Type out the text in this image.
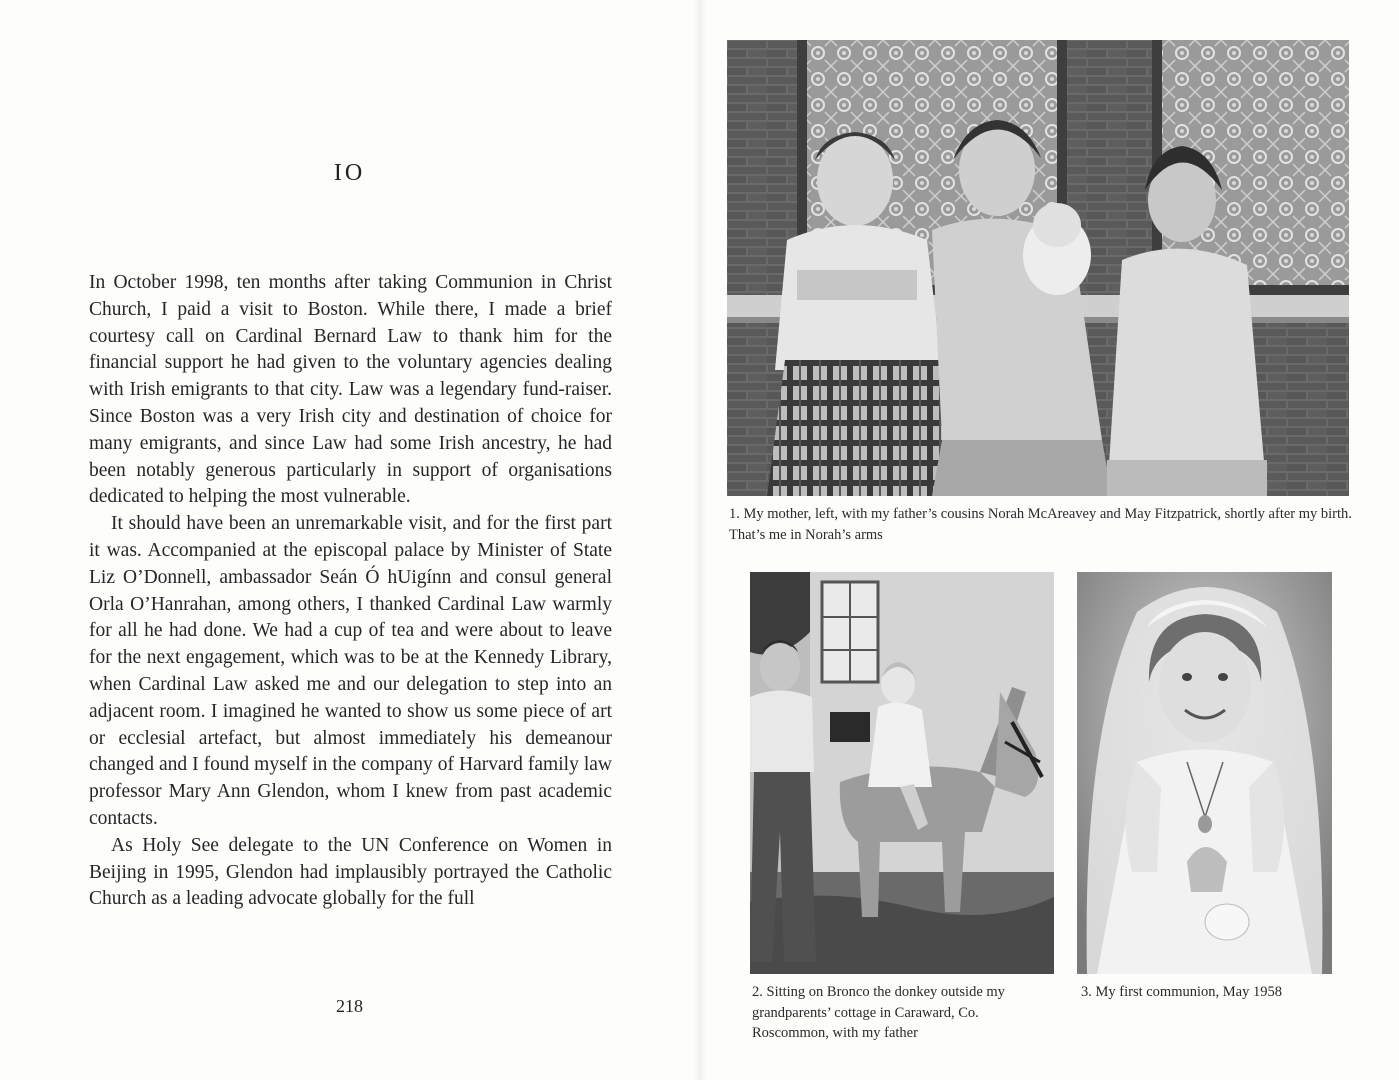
IO

In October 1998, ten months after taking Communion in Christ Church, I paid a visit to Boston. While there, I made a brief courtesy call on Cardinal Bernard Law to thank him for the financial support he had given to the voluntary agencies dealing with Irish emigrants to that city. Law was a legendary fund-raiser. Since Boston was a very Irish city and destination of choice for many emigrants, and since Law had some Irish ancestry, he had been notably generous particularly in support of organisations dedicated to helping the most vulnerable.

It should have been an unremarkable visit, and for the first part it was. Accompanied at the episcopal palace by Minister of State Liz O’Donnell, ambassador Seán Ó hUigínn and consul general Orla O’Hanrahan, among others, I thanked Cardinal Law warmly for all he had done. We had a cup of tea and were about to leave for the next engagement, which was to be at the Kennedy Library, when Cardinal Law asked me and our delegation to step into an adjacent room. I imagined he wanted to show us some piece of art or ecclesial artefact, but almost immediately his demeanour changed and I found myself in the company of Harvard family law professor Mary Ann Glendon, whom I knew from past academic contacts.

As Holy See delegate to the UN Conference on Women in Beijing in 1995, Glendon had implausibly portrayed the Catholic Church as a leading advocate globally for the full

218
1. My mother, left, with my father’s cousins Norah McAreavey and May Fitzpatrick, shortly after my birth. That’s me in Norah’s arms
2. Sitting on Bronco the donkey outside my grandparents’ cottage in Caraward, Co. Roscommon, with my father
3. My first communion, May 1958
